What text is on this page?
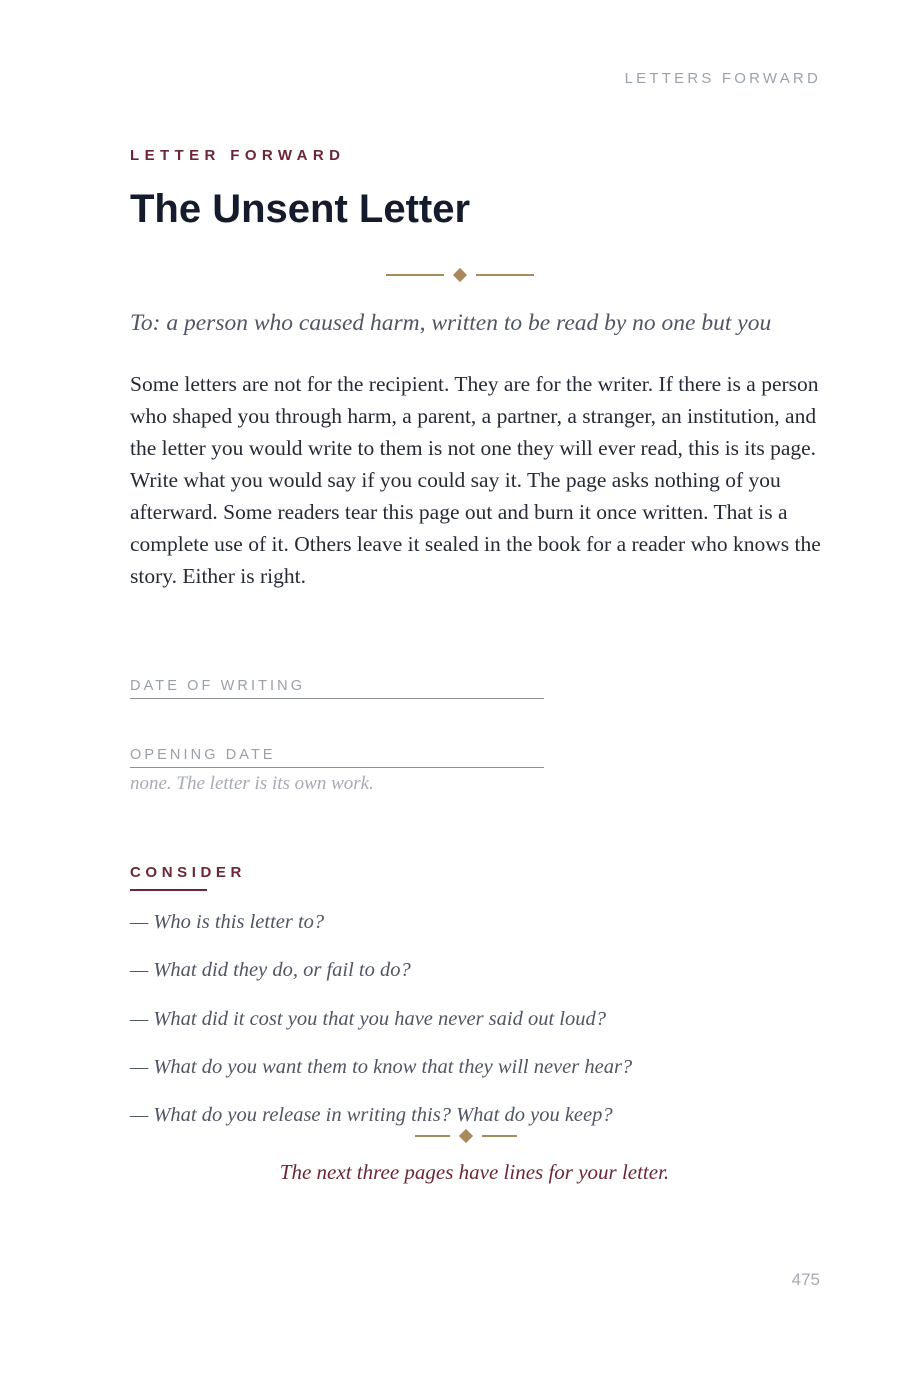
LETTERS FORWARD
LETTER FORWARD
The Unsent Letter

To: a person who caused harm, written to be read by no one but you

Some letters are not for the recipient. They are for the writer. If there is a person who shaped you through harm, a parent, a partner, a stranger, an institution, and the letter you would write to them is not one they will ever read, this is its page. Write what you would say if you could say it. The page asks nothing of you afterward. Some readers tear this page out and burn it once written. That is a complete use of it. Others leave it sealed in the book for a reader who knows the story. Either is right.

DATE OF WRITING
OPENING DATE
none. The letter is its own work.
CONSIDER
— Who is this letter to?
— What did they do, or fail to do?
— What did it cost you that you have never said out loud?
— What do you want them to know that they will never hear?
— What do you release in writing this? What do you keep?

The next three pages have lines for your letter.

475
